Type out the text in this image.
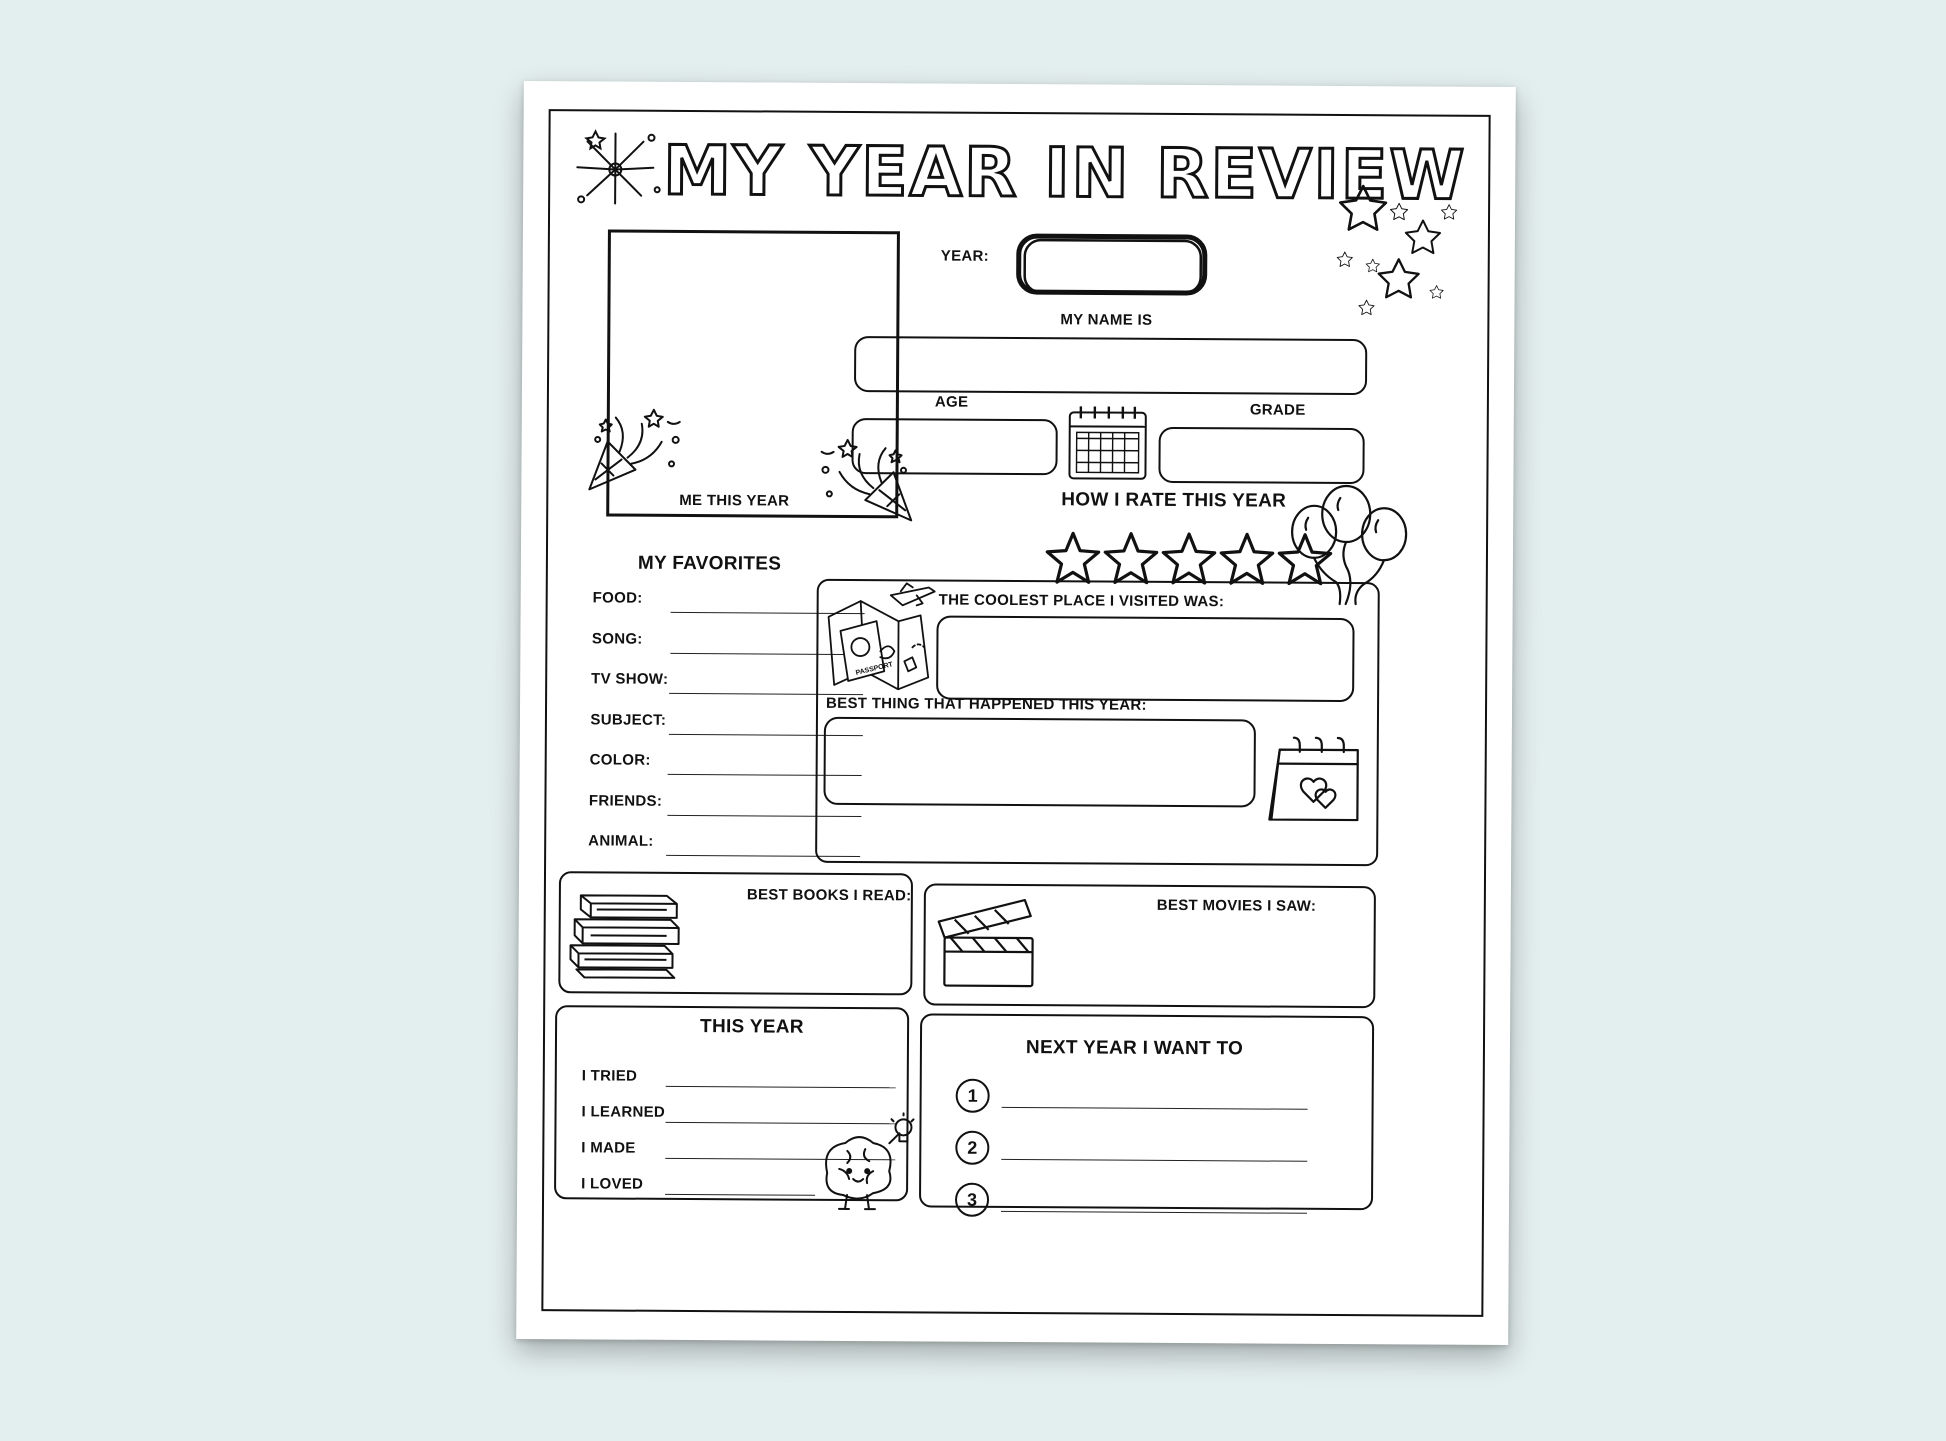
MY YEAR IN REVIEW
ME THIS YEAR
YEAR:
MY NAME IS
AGE	GRADE
HOW I RATE THIS YEAR
MY FAVORITES
FOOD:
SONG:
TV SHOW:
SUBJECT:
COLOR:
FRIENDS:
ANIMAL:
PASSPORT
THE COOLEST PLACE I VISITED WAS:
BEST THING THAT HAPPENED THIS YEAR:
BEST BOOKS I READ:
BEST MOVIES I SAW:
THIS YEAR
I TRIED
I LEARNED
I MADE
I LOVED
NEXT YEAR I WANT TO
1
2
3
